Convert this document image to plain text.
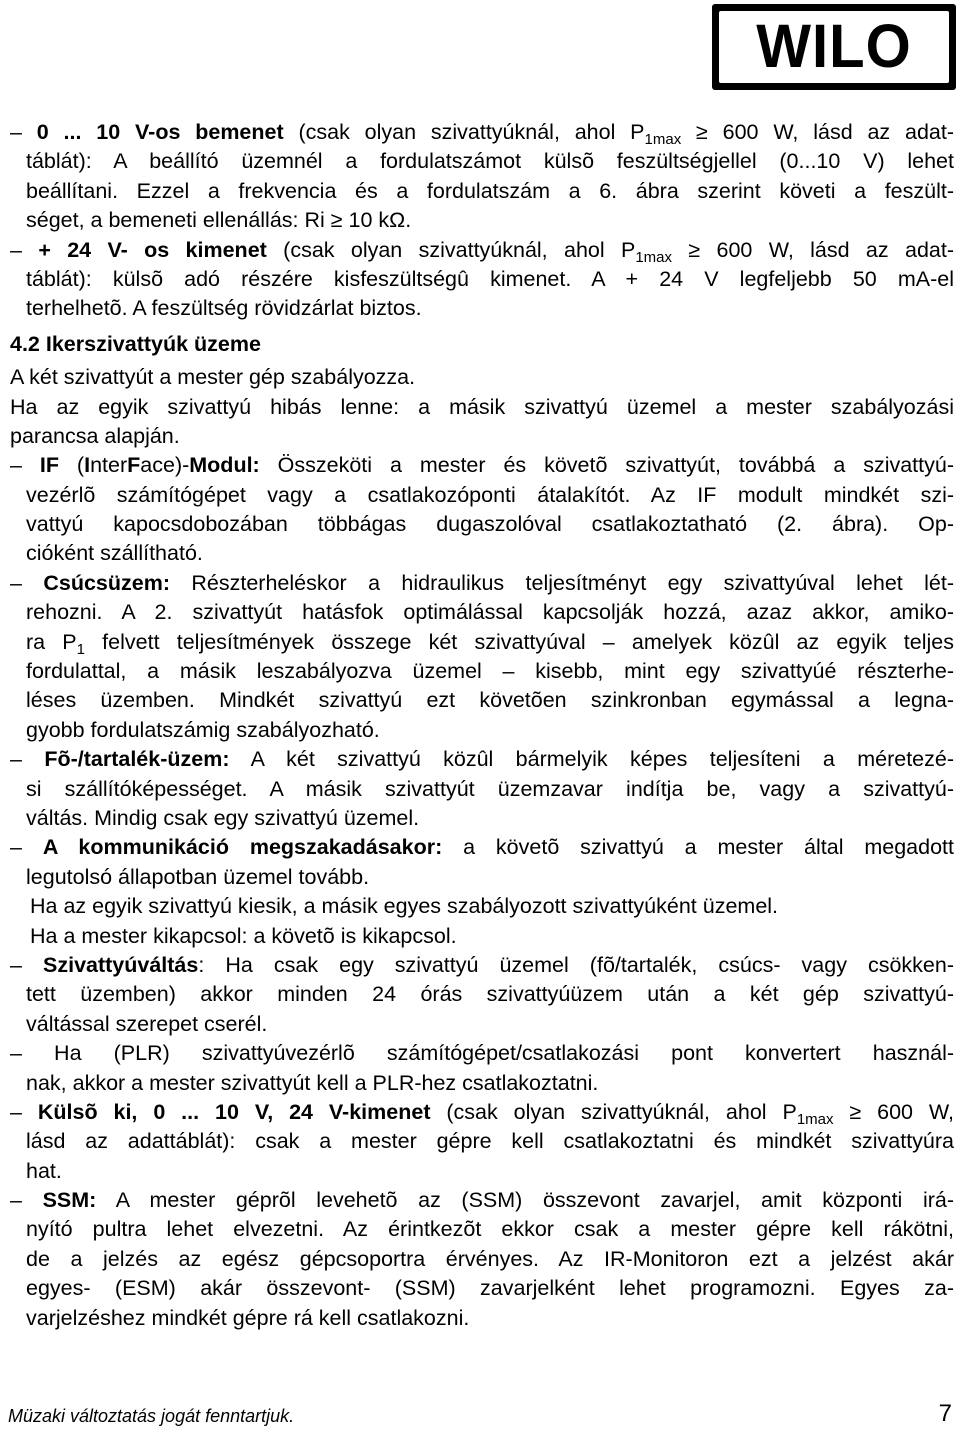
WILO
– 0 ... 10 V-os bemenet (csak olyan szivattyúknál, ahol $P_{1max} \ge 600$ W, lásd az adat-
táblát): A beállító üzemnél a fordulatszámot külsõ feszültségjellel (0...10 V) lehet
beállítani. Ezzel a frekvencia és a fordulatszám a 6. ábra szerint követi a feszült-
séget, a bemeneti ellenállás: Ri ≥ 10 kΩ.
– + 24 V- os kimenet (csak olyan szivattyúknál, ahol $P_{1max} \ge 600$ W, lásd az adat-
táblát): külsõ adó részére kisfeszültségû kimenet. A + 24 V legfeljebb 50 mA-el
terhelhetõ. A feszültség rövidzárlat biztos.
4.2 Ikerszivattyúk üzeme
A két szivattyút a mester gép szabályozza.
Ha az egyik szivattyú hibás lenne: a másik szivattyú üzemel a mester szabályozási
parancsa alapján.
– IF (InterFace)-Modul: Összeköti a mester és követõ szivattyút, továbbá a szivattyú-
vezérlõ számítógépet vagy a csatlakozóponti átalakítót. Az IF modult mindkét szi-
vattyú kapocsdobozában többágas dugaszolóval csatlakoztatható (2. ábra). Op-
cióként szállítható.
– Csúcsüzem: Részterheléskor a hidraulikus teljesítményt egy szivattyúval lehet lét-
rehozni. A 2. szivattyút hatásfok optimálással kapcsolják hozzá, azaz akkor, amiko-
ra $P_1$ felvett teljesítmények összege két szivattyúval – amelyek közûl az egyik teljes
fordulattal, a másik leszabályozva üzemel – kisebb, mint egy szivattyúé részterhe-
léses üzemben. Mindkét szivattyú ezt követõen szinkronban egymással a legna-
gyobb fordulatszámig szabályozható.
– Fõ-/tartalék-üzem: A két szivattyú közûl bármelyik képes teljesíteni a méretezé-
si szállítóképességet. A másik szivattyút üzemzavar indítja be, vagy a szivattyú-
váltás. Mindig csak egy szivattyú üzemel.
– A kommunikáció megszakadásakor: a követõ szivattyú a mester által megadott
legutolsó állapotban üzemel tovább.
Ha az egyik szivattyú kiesik, a másik egyes szabályozott szivattyúként üzemel.
Ha a mester kikapcsol: a követõ is kikapcsol.
– Szivattyúváltás: Ha csak egy szivattyú üzemel (fõ/tartalék, csúcs- vagy csökken-
tett üzemben) akkor minden 24 órás szivattyúüzem után a két gép szivattyú-
váltással szerepet cserél.
– Ha (PLR) szivattyúvezérlõ számítógépet/csatlakozási pont konvertert használ-
nak, akkor a mester szivattyút kell a PLR-hez csatlakoztatni.
– Külsõ ki, 0 ... 10 V, 24 V-kimenet (csak olyan szivattyúknál, ahol $P_{1max} \ge 600$ W,
lásd az adattáblát): csak a mester gépre kell csatlakoztatni és mindkét szivattyúra
hat.
– SSM: A mester géprõl levehetõ az (SSM) összevont zavarjel, amit központi irá-
nyító pultra lehet elvezetni. Az érintkezõt ekkor csak a mester gépre kell rákötni,
de a jelzés az egész gépcsoportra érvényes. Az IR-Monitoron ezt a jelzést akár
egyes- (ESM) akár összevont- (SSM) zavarjelként lehet programozni. Egyes za-
varjelzéshez mindkét gépre rá kell csatlakozni.
Müzaki változtatás jogát fenntartjuk.	7
